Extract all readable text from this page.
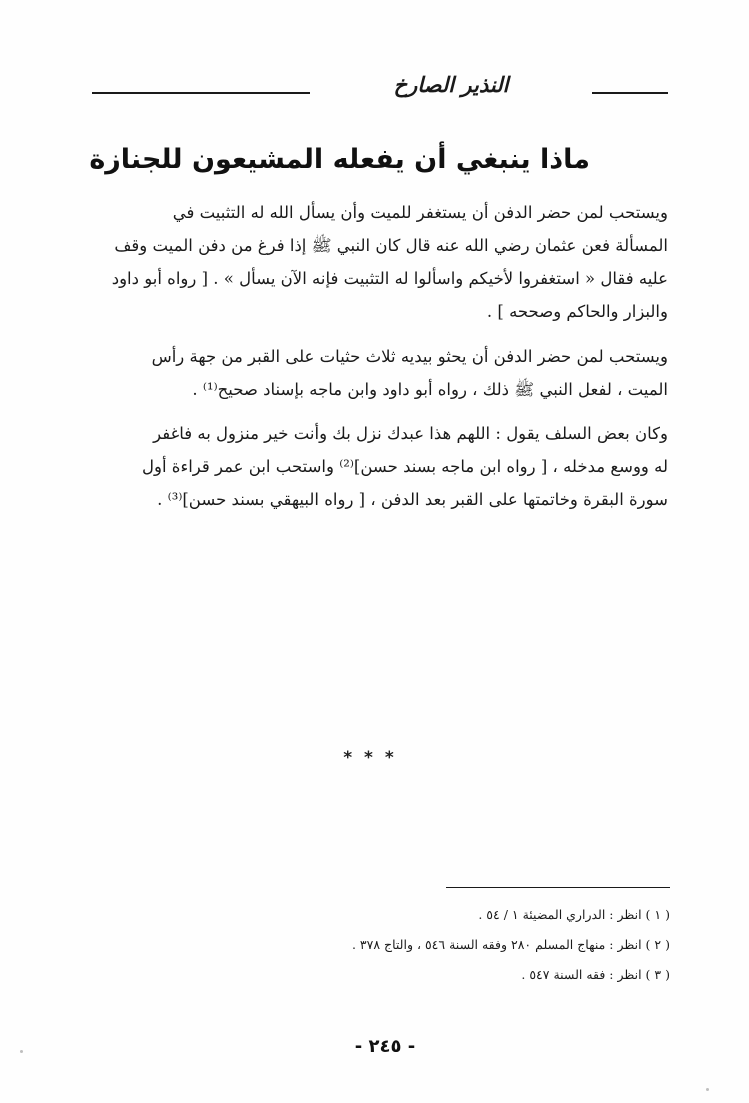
النذير الصارخ
ماذا ينبغي أن يفعله المشيعون للجنازة
ويستحب لمن حضر الدفن أن يستغفر للميت وأن يسأل الله له التثبيت في
المسألة فعن عثمان رضي الله عنه قال كان النبي ﷺ إذا فرغ من دفن الميت وقف
عليه فقال « استغفروا لأخيكم واسألوا له التثبيت فإنه الآن يسأل » . [ رواه أبو داود
والبزار والحاكم وصححه ] .
ويستحب لمن حضر الدفن أن يحثو بيديه ثلاث حثيات على القبر من جهة رأس
الميت ، لفعل النبي ﷺ ذلك ، رواه أبو داود وابن ماجه بإسناد صحيح⁽¹⁾ .
وكان بعض السلف يقول : اللهم هذا عبدك نزل بك وأنت خير منزول به فاغفر
له ووسع مدخله ، [ رواه ابن ماجه بسند حسن]⁽²⁾ واستحب ابن عمر قراءة أول
سورة البقرة وخاتمتها على القبر بعد الدفن ، [ رواه البيهقي بسند حسن]⁽³⁾ .
* * *
( ١ ) انظر : الدراري المضيئة ١ / ٥٤ .
( ٢ ) انظر : منهاج المسلم ٢٨٠ وفقه السنة ٥٤٦ ، والتاج ٣٧٨ .
( ٣ ) انظر : فقه السنة ٥٤٧ .
- ٢٤٥ -
